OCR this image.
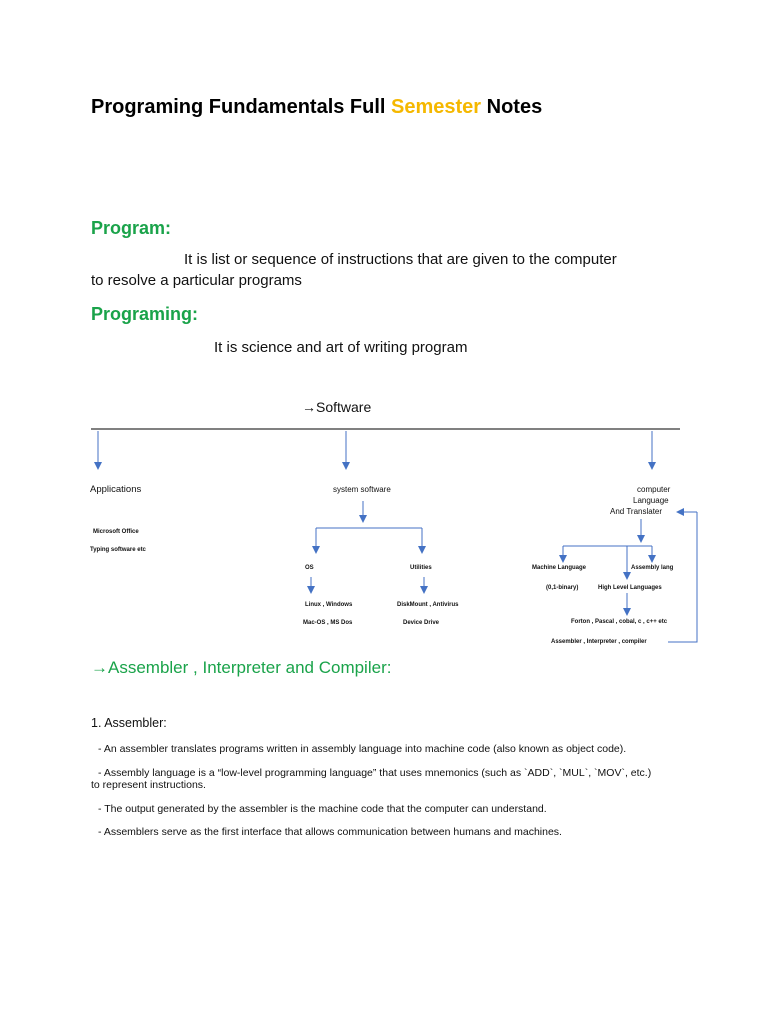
Programing Fundamentals Full Semester Notes
Program:
It is list or sequence of instructions that are given to the computer
to resolve a particular programs
Programing:
It is science and art of writing program
→Software
Applications
Microsoft Office
Typing software etc
system software
OS	Utilities
Linux , Windows
Mac-OS , MS Dos
DiskMount , Antivirus
Device Drive
computer
Language
And Translater
Machine Language
(0,1-binary)
Assembly lang
High Level Languages
Forton , Pascal , cobal, c , c++ etc
Assembler , Interpreter , compiler
→Assembler , Interpreter and Compiler:
1. Assembler:
- An assembler translates programs written in assembly language into machine code (also known as object code).
- Assembly language is a “low-level programming language” that uses mnemonics (such as `ADD`, `MUL`, `MOV`, etc.)
to represent instructions.
- The output generated by the assembler is the machine code that the computer can understand.
- Assemblers serve as the first interface that allows communication between humans and machines.
